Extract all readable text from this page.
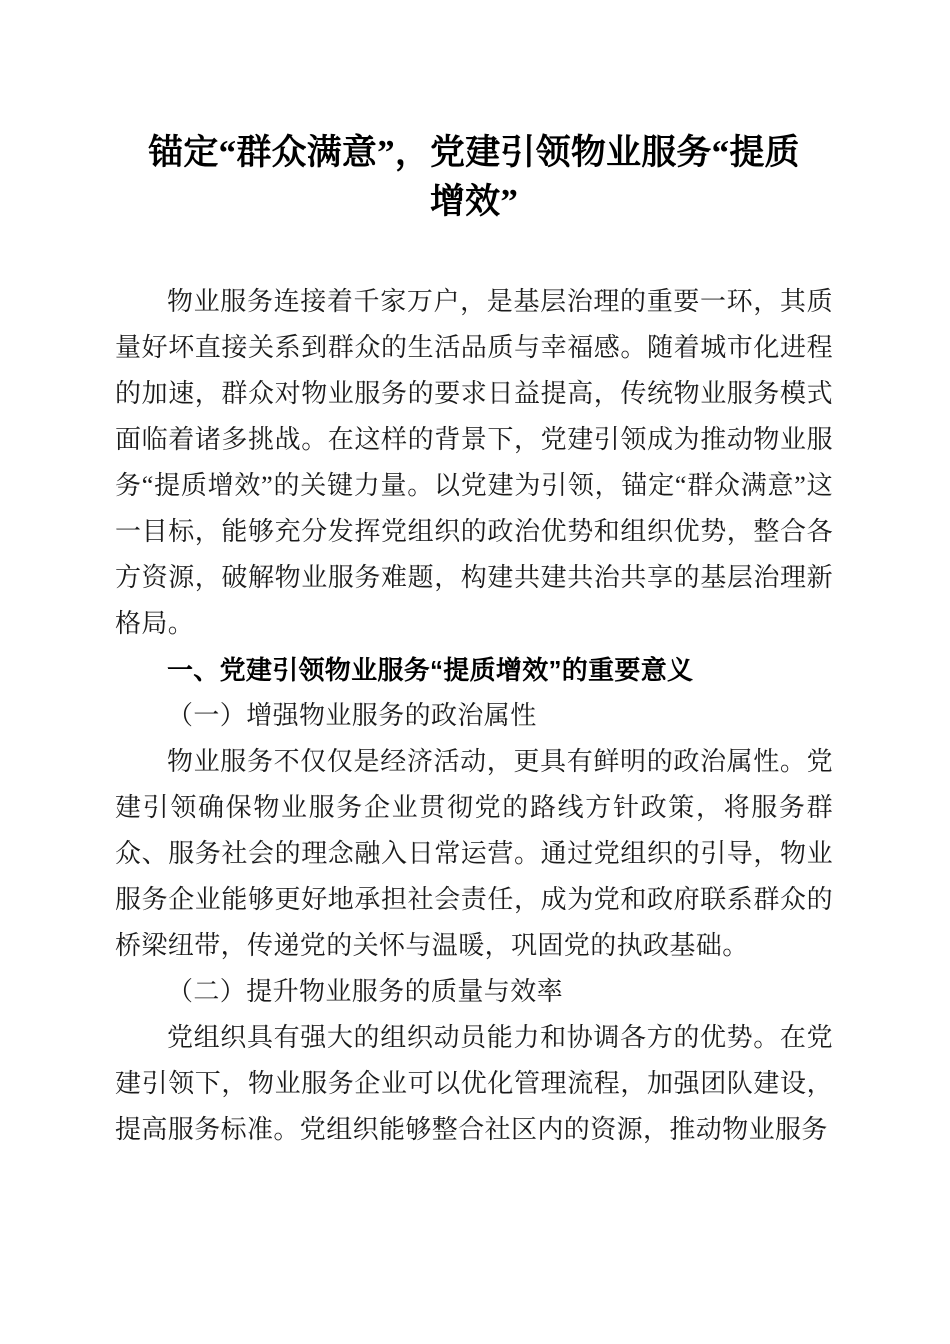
锚定“群众满意”，党建引领物业服务“提质
增效”

物业服务连接着千家万户，是基层治理的重要一环，其质量好坏直接关系到群众的生活品质与幸福感。随着城市化进程的加速，群众对物业服务的要求日益提高，传统物业服务模式面临着诸多挑战。在这样的背景下，党建引领成为推动物业服务“提质增效”的关键力量。以党建为引领，锚定“群众满意”这一目标，能够充分发挥党组织的政治优势和组织优势，整合各方资源，破解物业服务难题，构建共建共治共享的基层治理新格局。

一、党建引领物业服务“提质增效”的重要意义
（一）增强物业服务的政治属性

物业服务不仅仅是经济活动，更具有鲜明的政治属性。党建引领确保物业服务企业贯彻党的路线方针政策，将服务群众、服务社会的理念融入日常运营。通过党组织的引导，物业服务企业能够更好地承担社会责任，成为党和政府联系群众的桥梁纽带，传递党的关怀与温暖，巩固党的执政基础。

（二）提升物业服务的质量与效率

党组织具有强大的组织动员能力和协调各方的优势。在党建引领下，物业服务企业可以优化管理流程，加强团队建设，提高服务标准。党组织能够整合社区内的资源，推动物业服务
